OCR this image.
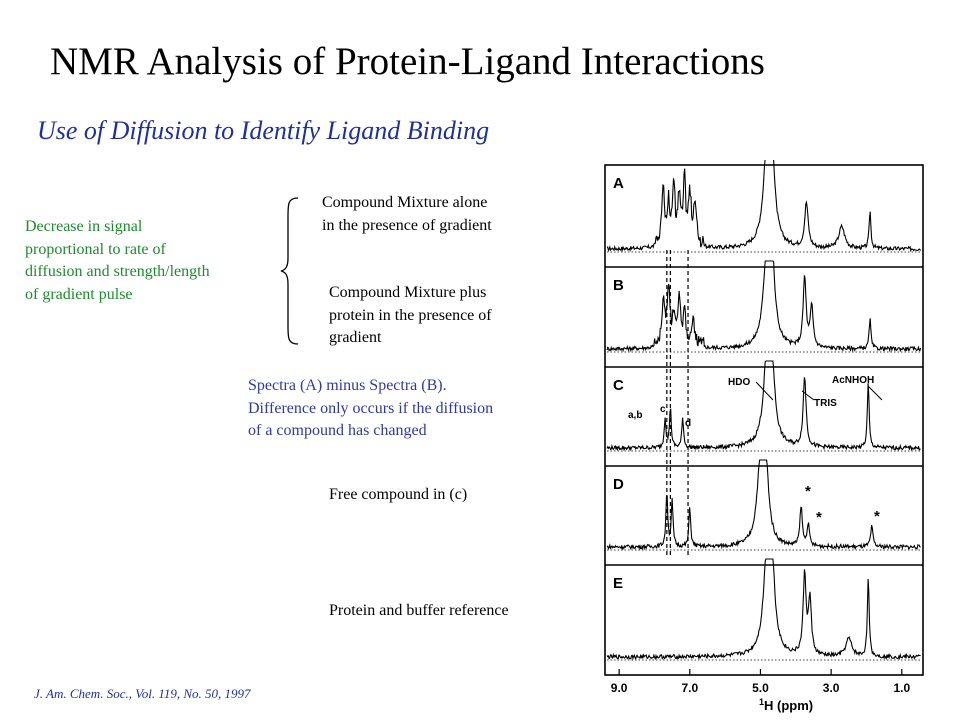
NMR Analysis of Protein-Ligand Interactions
Use of Diffusion to Identify Ligand Binding
Decrease in signal
proportional to rate of
diffusion and strength/length
of gradient pulse
Compound Mixture alone
in the presence of gradient
Compound Mixture plus
protein in the presence of
gradient
Spectra (A) minus Spectra (B).
Difference only occurs if the diffusion
of a compound has changed
Free compound in (c)
Protein and buffer reference
J. Am. Chem. Soc., Vol. 119, No. 50, 1997
A
B
C
D
E
HDO	AcNHOH
TRIS
a,b
c
d
*
*	*
9.0	7.0	5.0	3.0	1.0
$^1$H (ppm)
